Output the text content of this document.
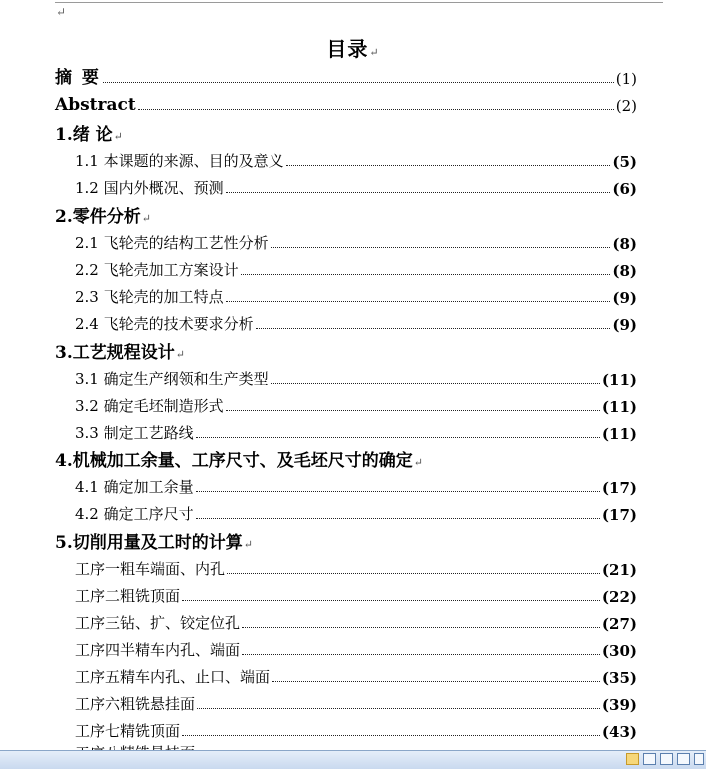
↵
目录↵
摘 要	(1)
Abstract	(2)
1.绪 论↵
1.1 本课题的来源、目的及意义	(5)
1.2 国内外概况、预测	(6)
2.零件分析↵
2.1 飞轮壳的结构工艺性分析	(8)
2.2 飞轮壳加工方案设计	(8)
2.3 飞轮壳的加工特点	(9)
2.4 飞轮壳的技术要求分析	(9)
3.工艺规程设计↵
3.1 确定生产纲领和生产类型	(11)
3.2 确定毛坯制造形式	(11)
3.3 制定工艺路线	(11)
4.机械加工余量、工序尺寸、及毛坯尺寸的确定↵
4.1 确定加工余量	(17)
4.2 确定工序尺寸	(17)
5.切削用量及工时的计算↵
工序一粗车端面、内孔	(21)
工序二粗铣顶面	(22)
工序三钻、扩、铰定位孔	(27)
工序四半精车内孔、端面	(30)
工序五精车内孔、止口、端面	(35)
工序六粗铣悬挂面	(39)
工序七精铣顶面	(43)
